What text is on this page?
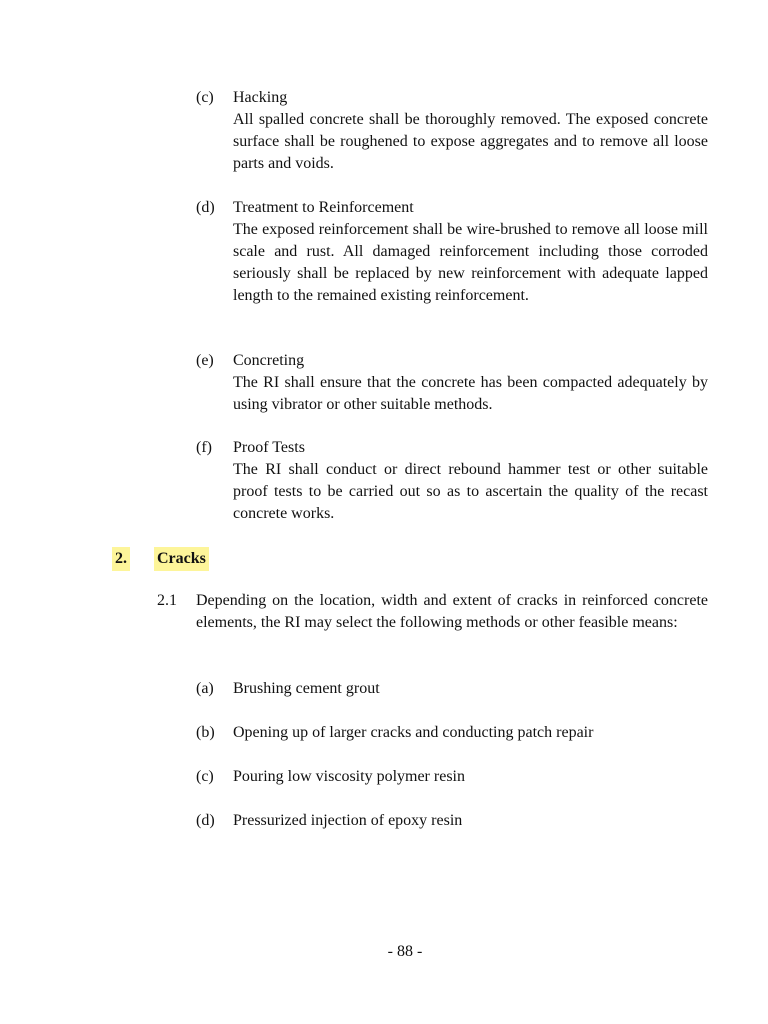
(c) Hacking
All spalled concrete shall be thoroughly removed. The exposed concrete surface shall be roughened to expose aggregates and to remove all loose parts and voids.
(d) Treatment to Reinforcement
The exposed reinforcement shall be wire-brushed to remove all loose mill scale and rust. All damaged reinforcement including those corroded seriously shall be replaced by new reinforcement with adequate lapped length to the remained existing reinforcement.
(e) Concreting
The RI shall ensure that the concrete has been compacted adequately by using vibrator or other suitable methods.
(f) Proof Tests
The RI shall conduct or direct rebound hammer test or other suitable proof tests to be carried out so as to ascertain the quality of the recast concrete works.
2. Cracks
2.1 Depending on the location, width and extent of cracks in reinforced concrete elements, the RI may select the following methods or other feasible means:
(a) Brushing cement grout
(b) Opening up of larger cracks and conducting patch repair
(c) Pouring low viscosity polymer resin
(d) Pressurized injection of epoxy resin
- 88 -
